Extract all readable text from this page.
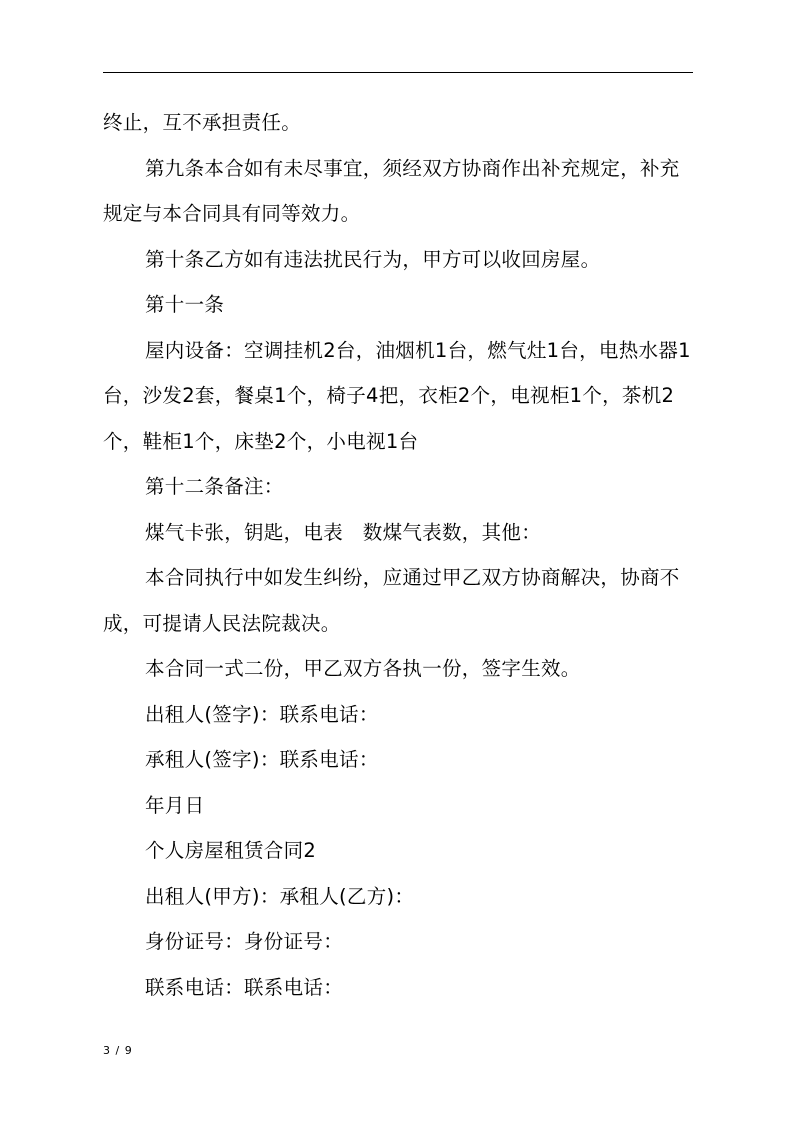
终止，互不承担责任。

第九条本合如有未尽事宜，须经双方协商作出补充规定，补充规定与本合同具有同等效力。

第十条乙方如有违法扰民行为，甲方可以收回房屋。

第十一条

屋内设备：空调挂机2台，油烟机1台，燃气灶1台，电热水器1台，沙发2套，餐桌1个，椅子4把，衣柜2个，电视柜1个，茶机2个，鞋柜1个，床垫2个，小电视1台

第十二条备注：

煤气卡张，钥匙，电表　数煤气表数，其他：

本合同执行中如发生纠纷，应通过甲乙双方协商解决，协商不成，可提请人民法院裁决。

本合同一式二份，甲乙双方各执一份，签字生效。

出租人(签字)：联系电话：

承租人(签字)：联系电话：

年月日

个人房屋租赁合同2

出租人(甲方)：承租人(乙方)：

身份证号：身份证号：

联系电话：联系电话：

3 / 9
